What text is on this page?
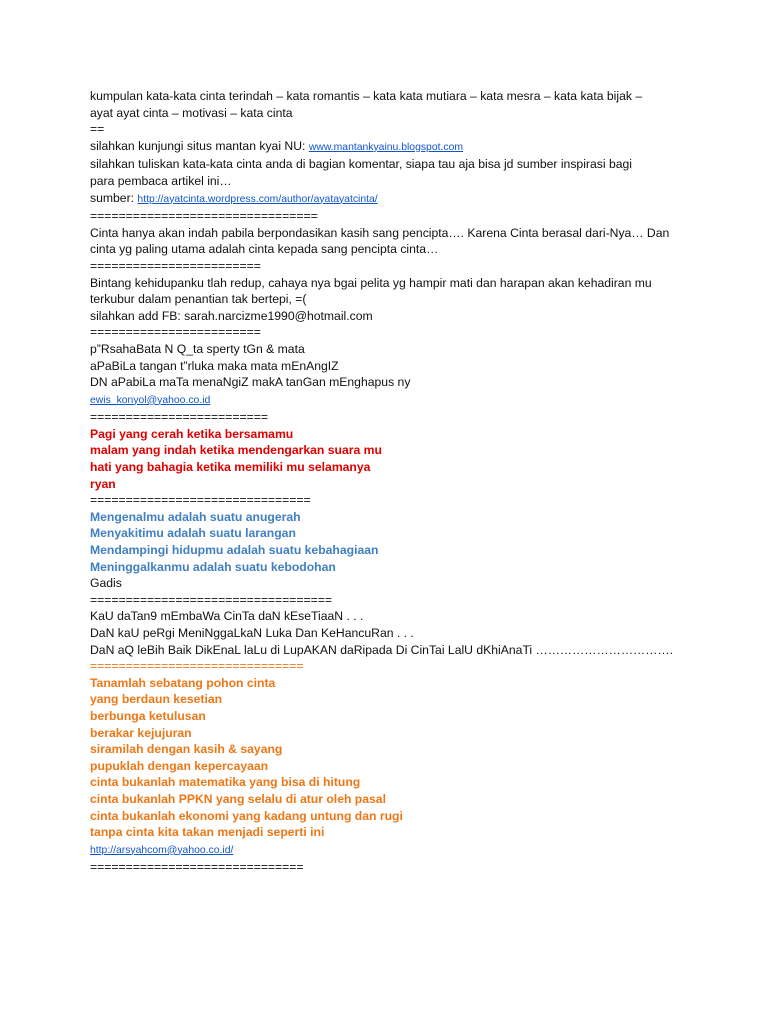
kumpulan kata-kata cinta terindah – kata romantis – kata kata mutiara – kata mesra – kata kata bijak –
ayat ayat cinta – motivasi – kata cinta
==
silahkan kunjungi situs mantan kyai NU: www.mantankyainu.blogspot.com
silahkan tuliskan kata-kata cinta anda di bagian komentar, siapa tau aja bisa jd sumber inspirasi bagi
para pembaca artikel ini…
sumber: http://ayatcinta.wordpress.com/author/ayatayatcinta/
================================
Cinta hanya akan indah pabila berpondasikan kasih sang pencipta…. Karena Cinta berasal dari-Nya… Dan
cinta yg paling utama adalah cinta kepada sang pencipta cinta…
========================
Bintang kehidupanku tlah redup, cahaya nya bgai pelita yg hampir mati dan harapan akan kehadiran mu
terkubur dalam penantian tak bertepi, =(
silahkan add FB: sarah.narcizme1990@hotmail.com
========================
p”RsahaBata N Q_ta sperty tGn & mata
aPaBiLa tangan t”rluka maka mata mEnAngIZ
DN aPabiLa maTa menaNgiZ makA tanGan mEnghapus ny
ewis_konyol@yahoo.co.id
=========================
Pagi yang cerah ketika bersamamu
malam yang indah ketika mendengarkan suara mu
hati yang bahagia ketika memiliki mu selamanya
ryan
===============================
Mengenalmu adalah suatu anugerah
Menyakitimu adalah suatu larangan
Mendampingi hidupmu adalah suatu kebahagiaan
Meninggalkanmu adalah suatu kebodohan
Gadis
==================================
KaU daTan9 mEmbaWa CinTa daN kEseTiaaN . . .
DaN kaU peRgi MeniNggaLkaN Luka Dan KeHancuRan . . .
DaN aQ leBih Baik DikEnaL laLu di LupAKAN daRipada Di CinTai LalU dKhiAnaTi …………………………….
==============================
Tanamlah sebatang pohon cinta
yang berdaun kesetian
berbunga ketulusan
berakar kejujuran
siramilah dengan kasih & sayang
pupuklah dengan kepercayaan
cinta bukanlah matematika yang bisa di hitung
cinta bukanlah PPKN yang selalu di atur oleh pasal
cinta bukanlah ekonomi yang kadang untung dan rugi
tanpa cinta kita takan menjadi seperti ini
http://arsyahcom@yahoo.co.id/
==============================
